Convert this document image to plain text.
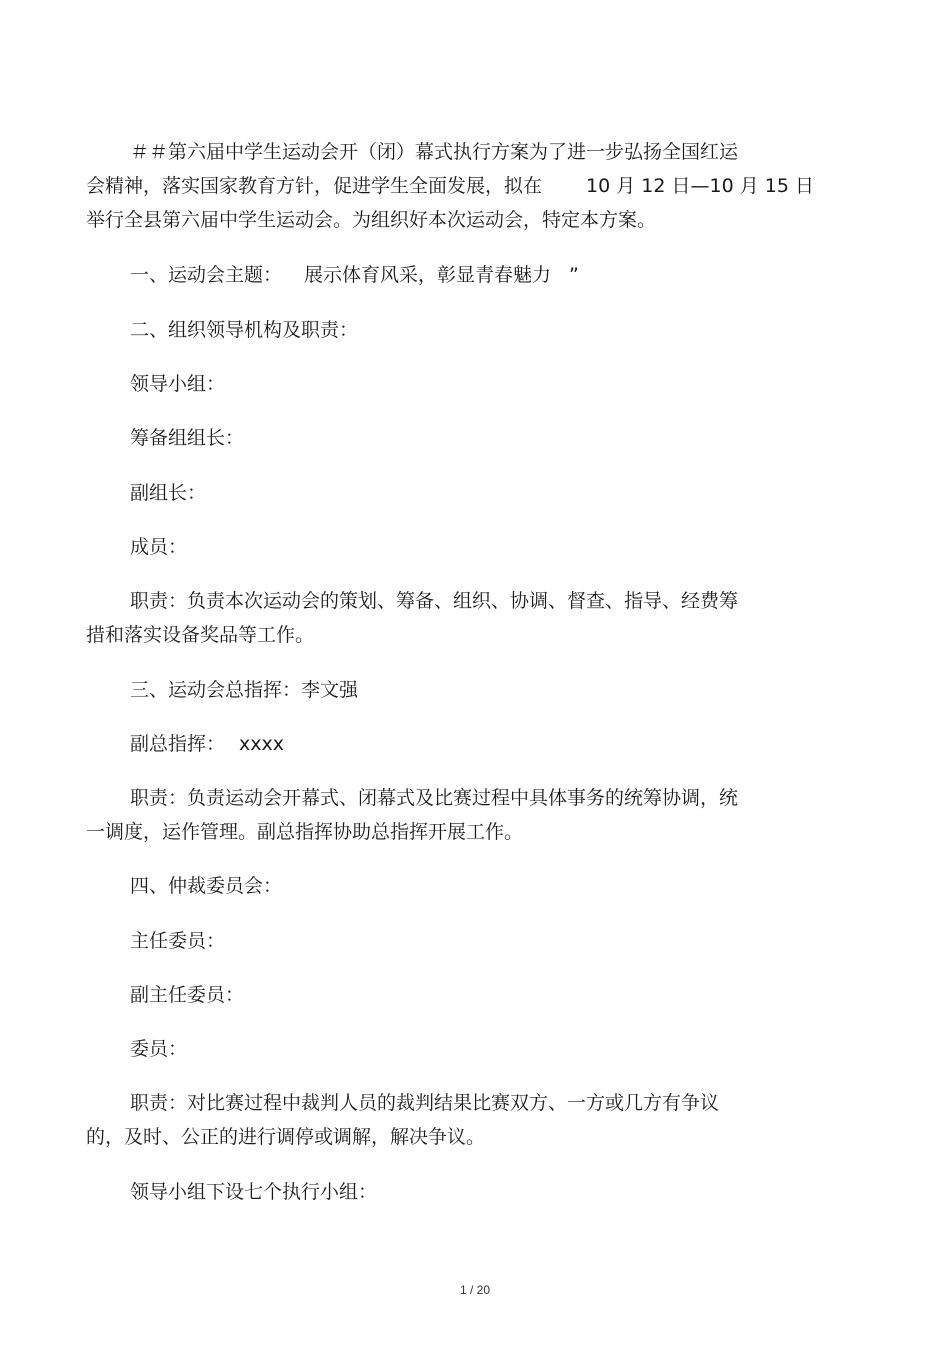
＃＃第六届中学生运动会开（闭）幕式执行方案为了进一步弘扬全国红运
会精神，落实国家教育方针，促进学生全面发展，拟在 10 月 12 日—10 月 15 日
举行全县第六届中学生运动会。为组织好本次运动会，特定本方案。
一、运动会主题： 展示体育风采，彰显青春魅力 ”
二、组织领导机构及职责：
领导小组：
筹备组组长：
副组长：
成员：
职责：负责本次运动会的策划、筹备、组织、协调、督查、指导、经费筹
措和落实设备奖品等工作。
三、运动会总指挥：李文强
副总指挥： xxxx
职责：负责运动会开幕式、闭幕式及比赛过程中具体事务的统筹协调，统
一调度，运作管理。副总指挥协助总指挥开展工作。
四、仲裁委员会：
主任委员：
副主任委员：
委员：
职责：对比赛过程中裁判人员的裁判结果比赛双方、一方或几方有争议
的，及时、公正的进行调停或调解，解决争议。
领导小组下设七个执行小组：
1 / 20
